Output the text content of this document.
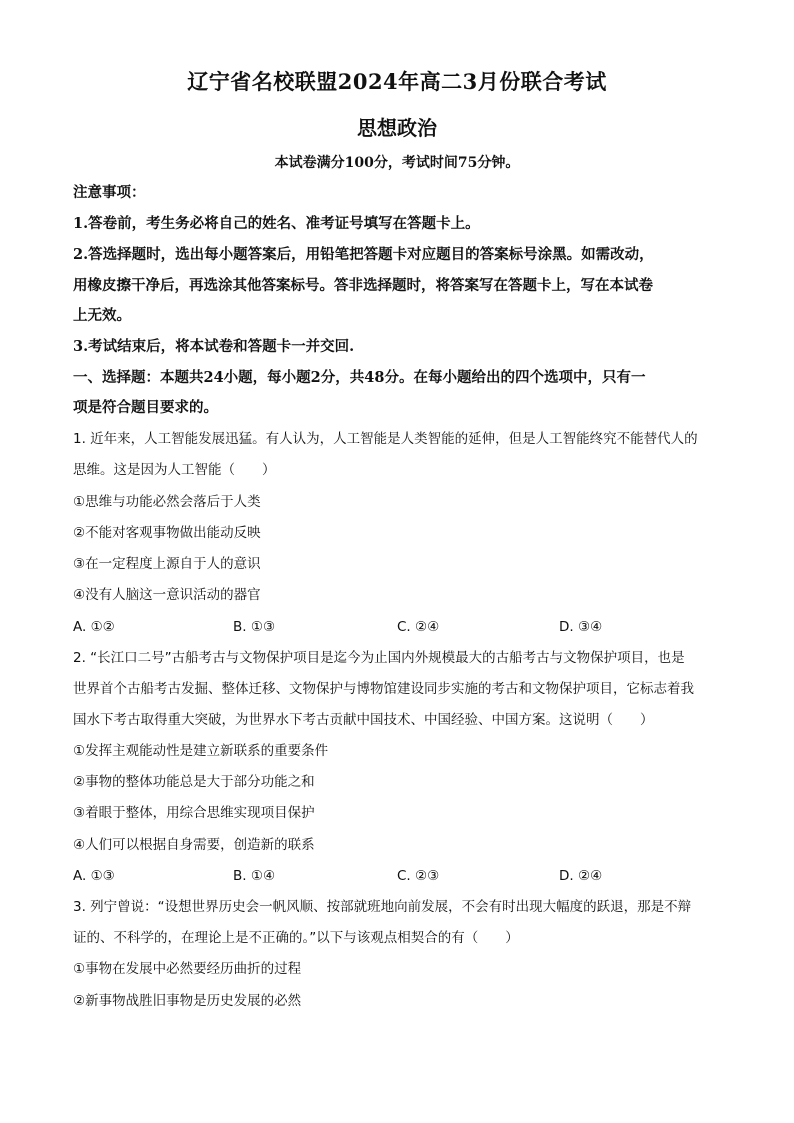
辽宁省名校联盟2024年高二3月份联合考试
思想政治
本试卷满分100分，考试时间75分钟。
注意事项：
1.答卷前，考生务必将自己的姓名、准考证号填写在答题卡上。
2.答选择题时，选出每小题答案后，用铅笔把答题卡对应题目的答案标号涂黑。如需改动，
用橡皮擦干净后，再选涂其他答案标号。答非选择题时，将答案写在答题卡上，写在本试卷
上无效。
3.考试结束后，将本试卷和答题卡一并交回.
一、选择题：本题共24小题，每小题2分，共48分。在每小题给出的四个选项中，只有一
项是符合题目要求的。
1. 近年来，人工智能发展迅猛。有人认为，人工智能是人类智能的延伸，但是人工智能终究不能替代人的
思维。这是因为人工智能（　　）
①思维与功能必然会落后于人类
②不能对客观事物做出能动反映
③在一定程度上源自于人的意识
④没有人脑这一意识活动的器官
A. ①②	B. ①③	C. ②④	D. ③④
2. “长江口二号”古船考古与文物保护项目是迄今为止国内外规模最大的古船考古与文物保护项目，也是
世界首个古船考古发掘、整体迁移、文物保护与博物馆建设同步实施的考古和文物保护项目，它标志着我
国水下考古取得重大突破，为世界水下考古贡献中国技术、中国经验、中国方案。这说明（　　）
①发挥主观能动性是建立新联系的重要条件
②事物的整体功能总是大于部分功能之和
③着眼于整体，用综合思维实现项目保护
④人们可以根据自身需要，创造新的联系
A. ①③	B. ①④	C. ②③	D. ②④
3. 列宁曾说：“设想世界历史会一帆风顺、按部就班地向前发展，不会有时出现大幅度的跃退，那是不辩
证的、不科学的，在理论上是不正确的。”以下与该观点相契合的有（　　）
①事物在发展中必然要经历曲折的过程
②新事物战胜旧事物是历史发展的必然
